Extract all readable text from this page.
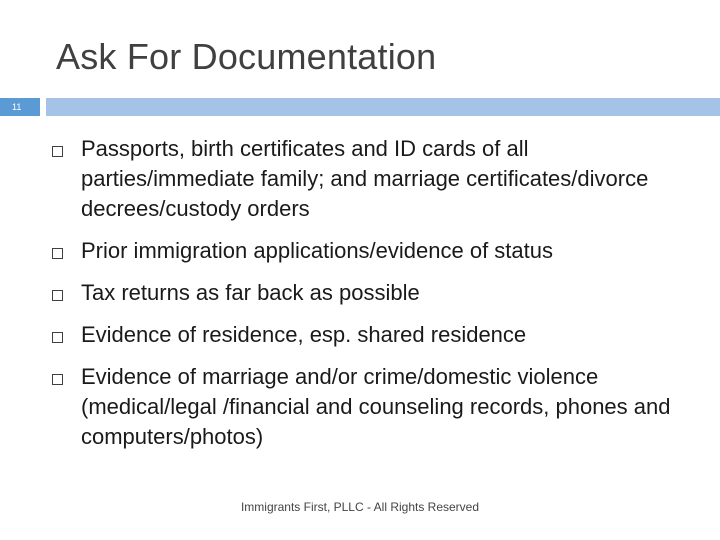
Ask For Documentation
11
Passports, birth certificates and ID cards of all parties/immediate family; and marriage certificates/divorce decrees/custody orders
Prior immigration applications/evidence of status
Tax returns as far back as possible
Evidence of residence, esp. shared residence
Evidence of marriage and/or crime/domestic violence (medical/legal /financial and counseling records, phones and computers/photos)
Immigrants First, PLLC - All Rights Reserved
